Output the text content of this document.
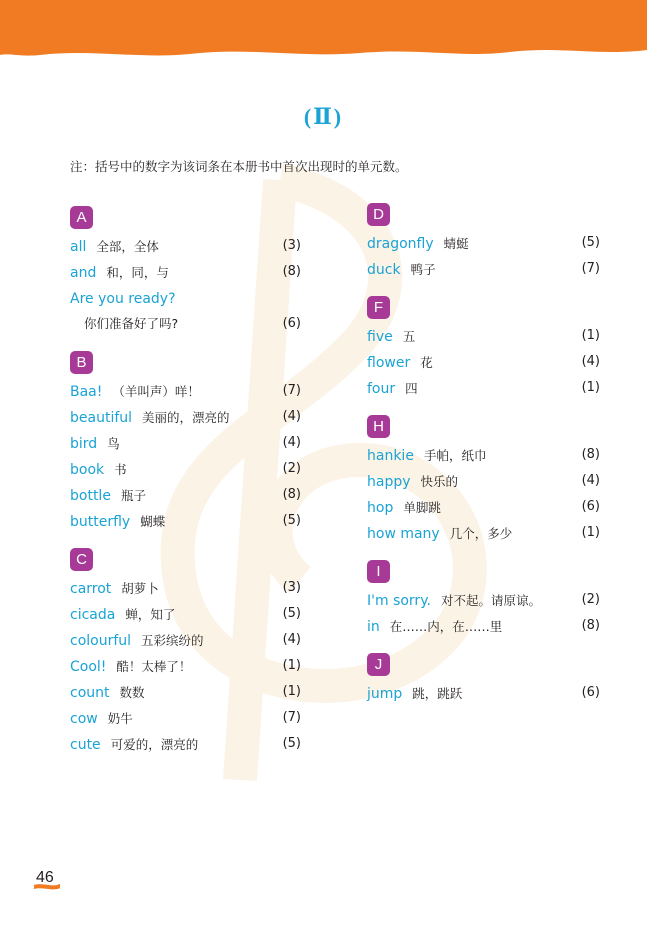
(Ⅱ)
注：括号中的数字为该词条在本册书中首次出现时的单元数。
A
all 全部，全体	(3)
and 和，同，与	(8)
Are you ready?
你们准备好了吗?	(6)
B
Baa! （羊叫声）咩！	(7)
beautiful 美丽的，漂亮的	(4)
bird 鸟	(4)
book 书	(2)
bottle 瓶子	(8)
butterfly 蝴蝶	(5)
C
carrot 胡萝卜	(3)
cicada 蝉，知了	(5)
colourful 五彩缤纷的	(4)
Cool! 酷！太棒了！	(1)
count 数数	(1)
cow 奶牛	(7)
cute 可爱的，漂亮的	(5)
D
dragonfly 蜻蜓	(5)
duck 鸭子	(7)
F
five 五	(1)
flower 花	(4)
four 四	(1)
H
hankie 手帕，纸巾	(8)
happy 快乐的	(4)
hop 单脚跳	(6)
how many 几个，多少	(1)
I
I'm sorry. 对不起。请原谅。	(2)
in 在……内，在……里	(8)
J
jump 跳，跳跃	(6)
46
